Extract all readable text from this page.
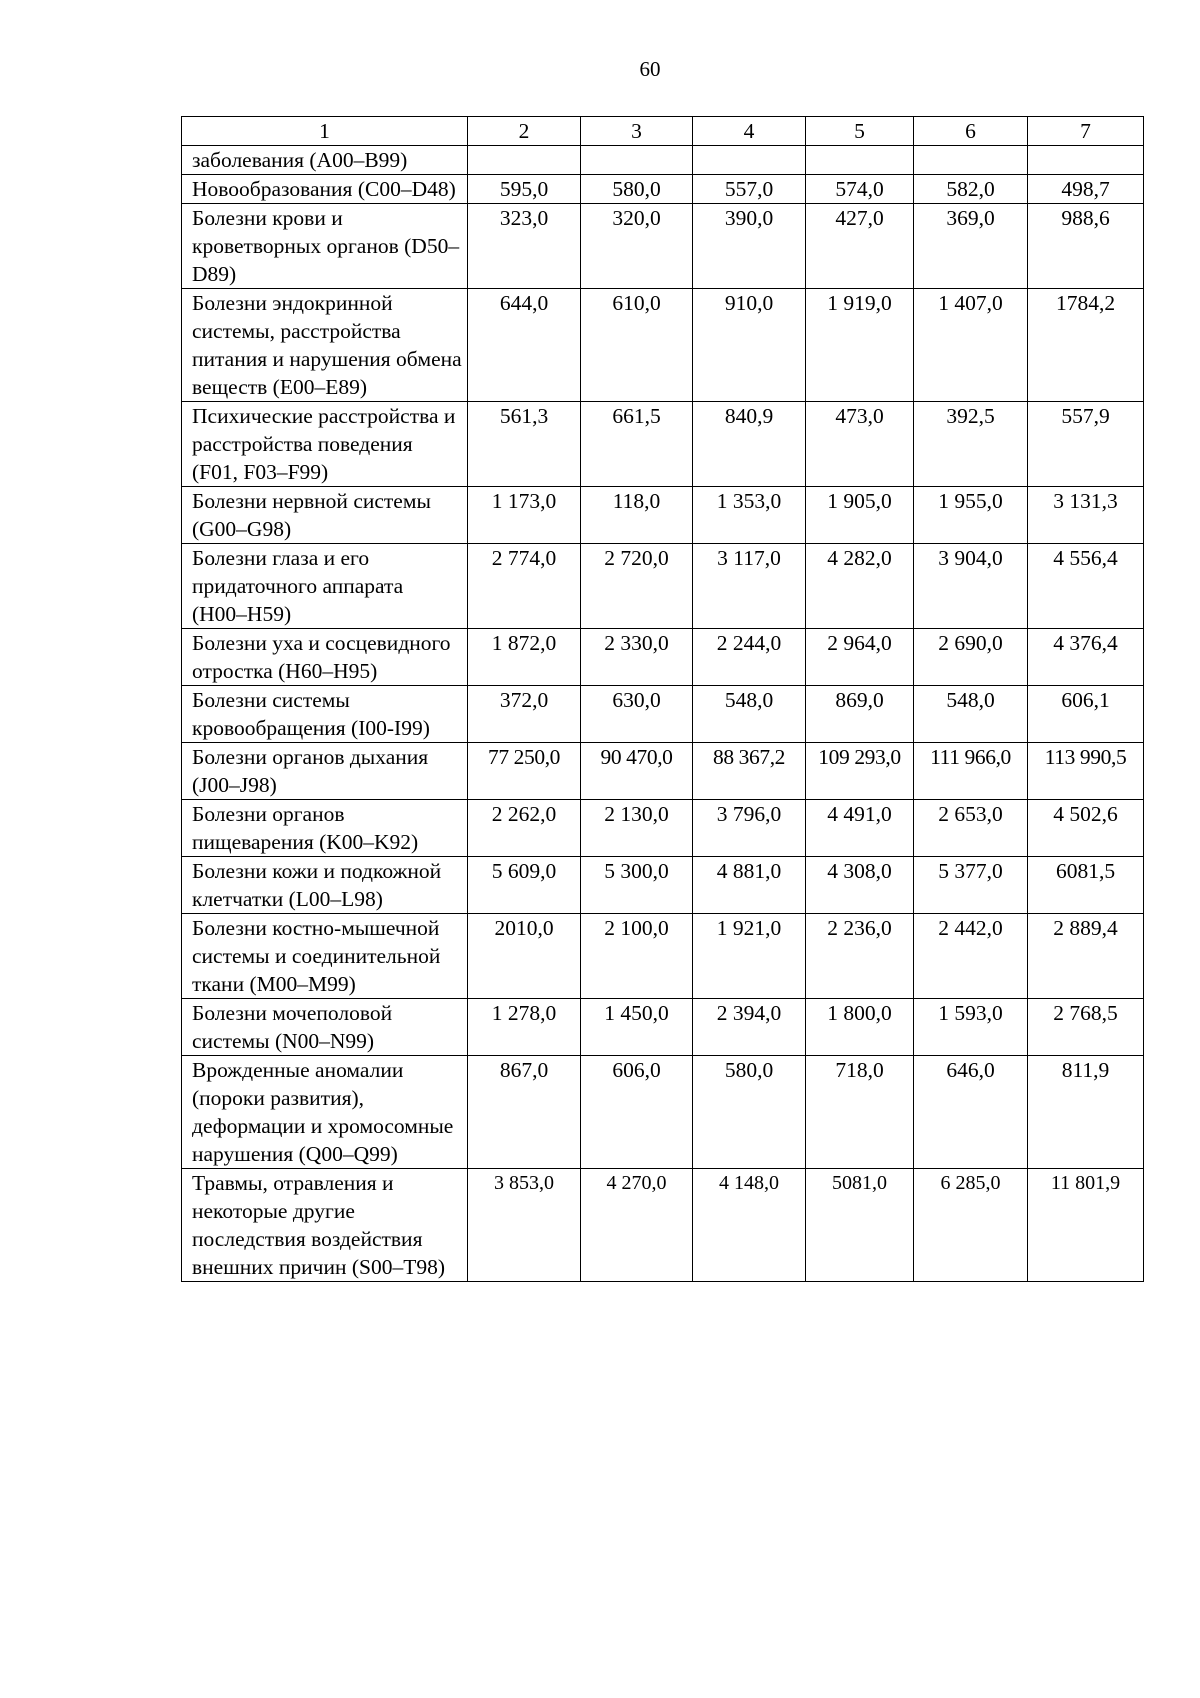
60
1	2	3	4	5	6	7
заболевания (А00–В99)						
Новообразования (С00–D48)	595,0	580,0	557,0	574,0	582,0	498,7
Болезни крови и кроветворных органов (D50–D89)	323,0	320,0	390,0	427,0	369,0	988,6
Болезни эндокринной системы, расстройства питания и нарушения обмена веществ (Е00–Е89)	644,0	610,0	910,0	1 919,0	1 407,0	1784,2
Психические расстройства и расстройства поведения (F01, F03–F99)	561,3	661,5	840,9	473,0	392,5	557,9
Болезни нервной системы (G00–G98)	1 173,0	118,0	1 353,0	1 905,0	1 955,0	3 131,3
Болезни глаза и его придаточного аппарата (Н00–Н59)	2 774,0	2 720,0	3 117,0	4 282,0	3 904,0	4 556,4
Болезни уха и сосцевидного отростка (Н60–Н95)	1 872,0	2 330,0	2 244,0	2 964,0	2 690,0	4 376,4
Болезни системы кровообращения (I00-I99)	372,0	630,0	548,0	869,0	548,0	606,1
Болезни органов дыхания (J00–J98)	77 250,0	90 470,0	88 367,2	109 293,0	111 966,0	113 990,5
Болезни органов пищеварения (K00–K92)	2 262,0	2 130,0	3 796,0	4 491,0	2 653,0	4 502,6
Болезни кожи и подкожной клетчатки (L00–L98)	5 609,0	5 300,0	4 881,0	4 308,0	5 377,0	6081,5
Болезни костно-мышечной системы и соединительной ткани (М00–М99)	2010,0	2 100,0	1 921,0	2 236,0	2 442,0	2 889,4
Болезни мочеполовой системы (N00–N99)	1 278,0	1 450,0	2 394,0	1 800,0	1 593,0	2 768,5
Врожденные аномалии (пороки развития), деформации и хромосомные нарушения (Q00–Q99)	867,0	606,0	580,0	718,0	646,0	811,9
Травмы, отравления и некоторые другие последствия воздействия внешних причин (S00–T98)	3 853,0	4 270,0	4 148,0	5081,0	6 285,0	11 801,9
